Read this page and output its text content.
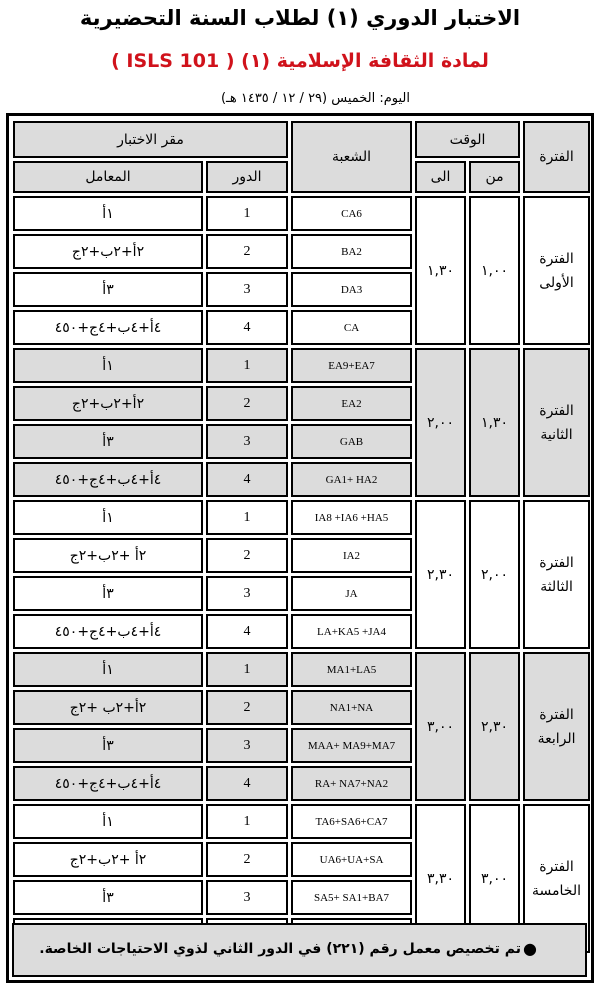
الاختبار الدوري (١) لطلاب السنة التحضيرية
لمادة الثقافة الإسلامية (١) ( ISLS 101 )
اليوم: الخميس (٢٩ / ١٢ / ١٤٣٥ هـ)
الفترة	الوقت		الشعبة	مقر الاختبار	
	من	الى		الدور	المعامل
الفترة
الأولى	١,٠٠	١,٣٠	CA6	1	١أ
			BA2	2	٢أ+٢ب+٢ج
			DA3	3	٣أ
			CA	4	٤أ+٤ب+٤ج+٤٥٠
الفترة
الثانية	١,٣٠	٢,٠٠	EA9+EA7	1	١أ
			EA2	2	٢أ+٢ب+٢ج
			GAB	3	٣أ
			GA1+ HA2	4	٤أ+٤ب+٤ج+٤٥٠
الفترة
الثالثة	٢,٠٠	٢,٣٠	IA8 +IA6 +HA5	1	١أ
			IA2	2	٢أ +٢ب+٢ج
			JA	3	٣أ
			LA+KA5 +JA4	4	٤أ+٤ب+٤ج+٤٥٠
الفترة
الرابعة	٢,٣٠	٣,٠٠	MA1+LA5	1	١أ
			NA1+NA	2	٢أ+٢ب +٢ج
			MAA+ MA9+MA7	3	٣أ
			RA+ NA7+NA2	4	٤أ+٤ب+٤ج+٤٥٠
الفترة
الخامسة	٣,٠٠	٣,٣٠	TA6+SA6+CA7	1	١أ
			UA6+UA+SA	2	٢أ +٢ب+٢ج
			SA5+ SA1+BA7	3	٣أ

●
تم تخصيص معمل رقم (٢٢١) في الدور الثاني لذوي الاحتياجات الخاصة.
